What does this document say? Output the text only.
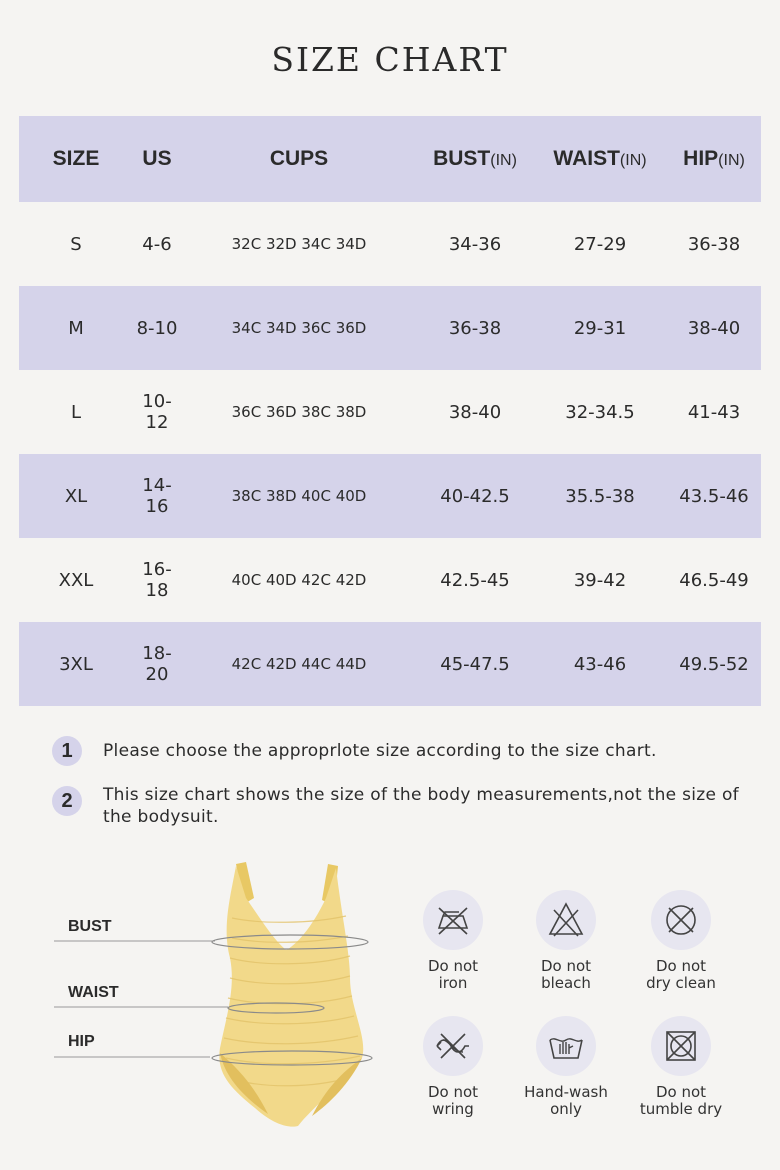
SIZE CHART
SIZE	US	CUPS	BUST(IN)	WAIST(IN)	HIP(IN)
S	4-6	32C 32D 34C 34D	34-36	27-29	36-38
M	8-10	34C 34D 36C 36D	36-38	29-31	38-40
L	10-12	36C 36D 38C 38D	38-40	32-34.5	41-43
XL	14-16	38C 38D 40C 40D	40-42.5	35.5-38	43.5-46
XXL	16-18	40C 40D 42C 42D	42.5-45	39-42	46.5-49
3XL	18-20	42C 42D 44C 44D	45-47.5	43-46	49.5-52
1	Please choose the approprlote size according to the size chart.
2	This size chart shows the size of the body measurements,not the size of the bodysuit.
BUST
WAIST
HIP
Do not
iron
Do not
bleach
Do not
dry clean
Do not
wring
Hand-wash
only
Do not
tumble dry
